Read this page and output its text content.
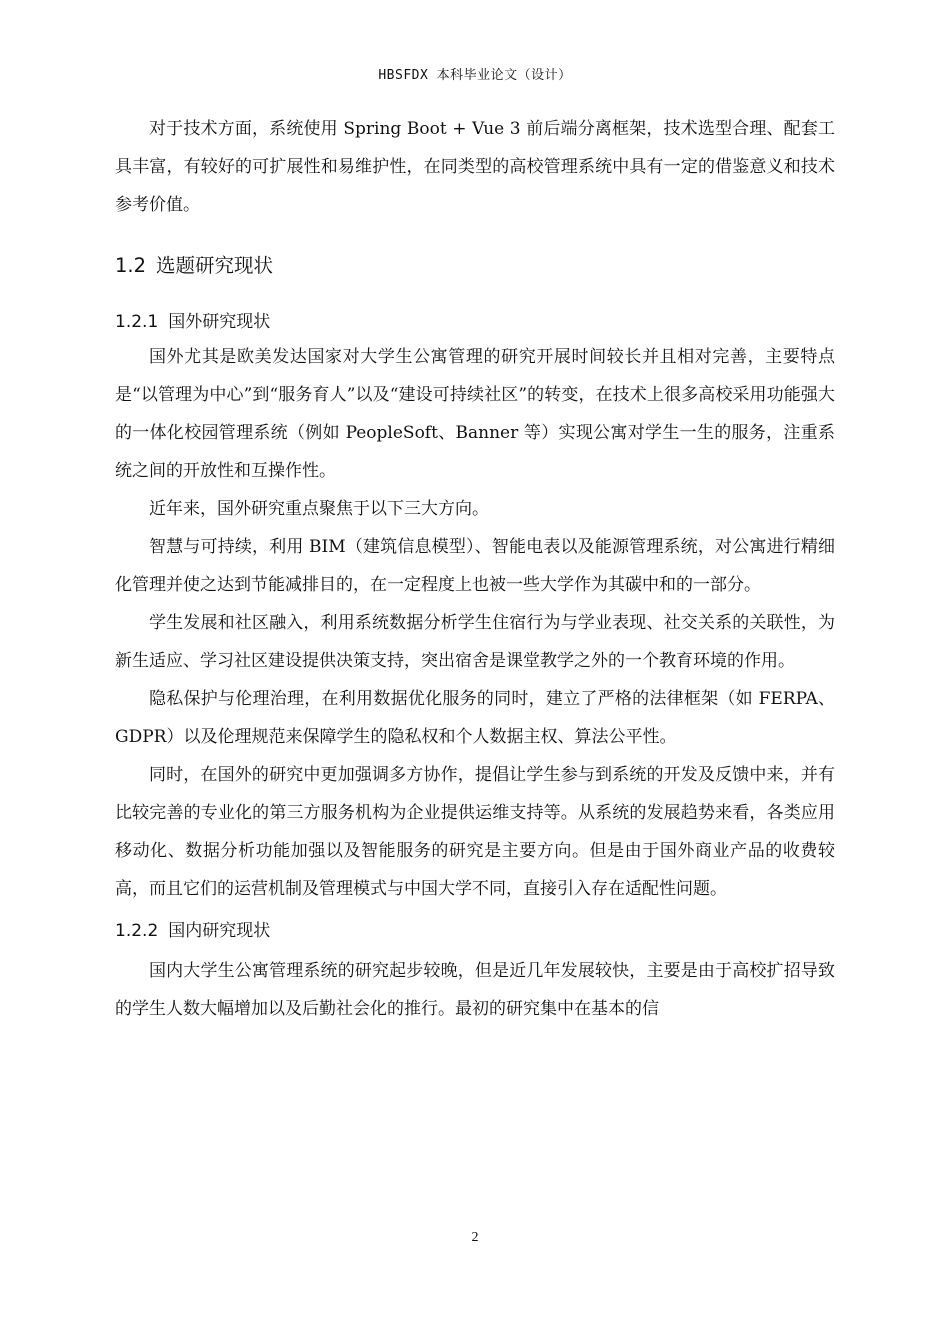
HBSFDX 本科毕业论文（设计）

对于技术方面，系统使用 Spring Boot + Vue 3 前后端分离框架，技术选型合理、配套工具丰富，有较好的可扩展性和易维护性，在同类型的高校管理系统中具有一定的借鉴意义和技术参考价值。

1.2 选题研究现状
1.2.1 国外研究现状

国外尤其是欧美发达国家对大学生公寓管理的研究开展时间较长并且相对完善，主要特点是“以管理为中心”到“服务育人”以及“建设可持续社区”的转变，在技术上很多高校采用功能强大的一体化校园管理系统（例如 PeopleSoft、Banner 等）实现公寓对学生一生的服务，注重系统之间的开放性和互操作性。

近年来，国外研究重点聚焦于以下三大方向。

智慧与可持续，利用 BIM（建筑信息模型）、智能电表以及能源管理系统，对公寓进行精细化管理并使之达到节能减排目的，在一定程度上也被一些大学作为其碳中和的一部分。

学生发展和社区融入，利用系统数据分析学生住宿行为与学业表现、社交关系的关联性，为新生适应、学习社区建设提供决策支持，突出宿舍是课堂教学之外的一个教育环境的作用。

隐私保护与伦理治理，在利用数据优化服务的同时，建立了严格的法律框架（如 FERPA、GDPR）以及伦理规范来保障学生的隐私权和个人数据主权、算法公平性。

同时，在国外的研究中更加强调多方协作，提倡让学生参与到系统的开发及反馈中来，并有比较完善的专业化的第三方服务机构为企业提供运维支持等。从系统的发展趋势来看，各类应用移动化、数据分析功能加强以及智能服务的研究是主要方向。但是由于国外商业产品的收费较高，而且它们的运营机制及管理模式与中国大学不同，直接引入存在适配性问题。

1.2.2 国内研究现状

国内大学生公寓管理系统的研究起步较晚，但是近几年发展较快，主要是由于高校扩招导致的学生人数大幅增加以及后勤社会化的推行。最初的研究集中在基本的信

2
